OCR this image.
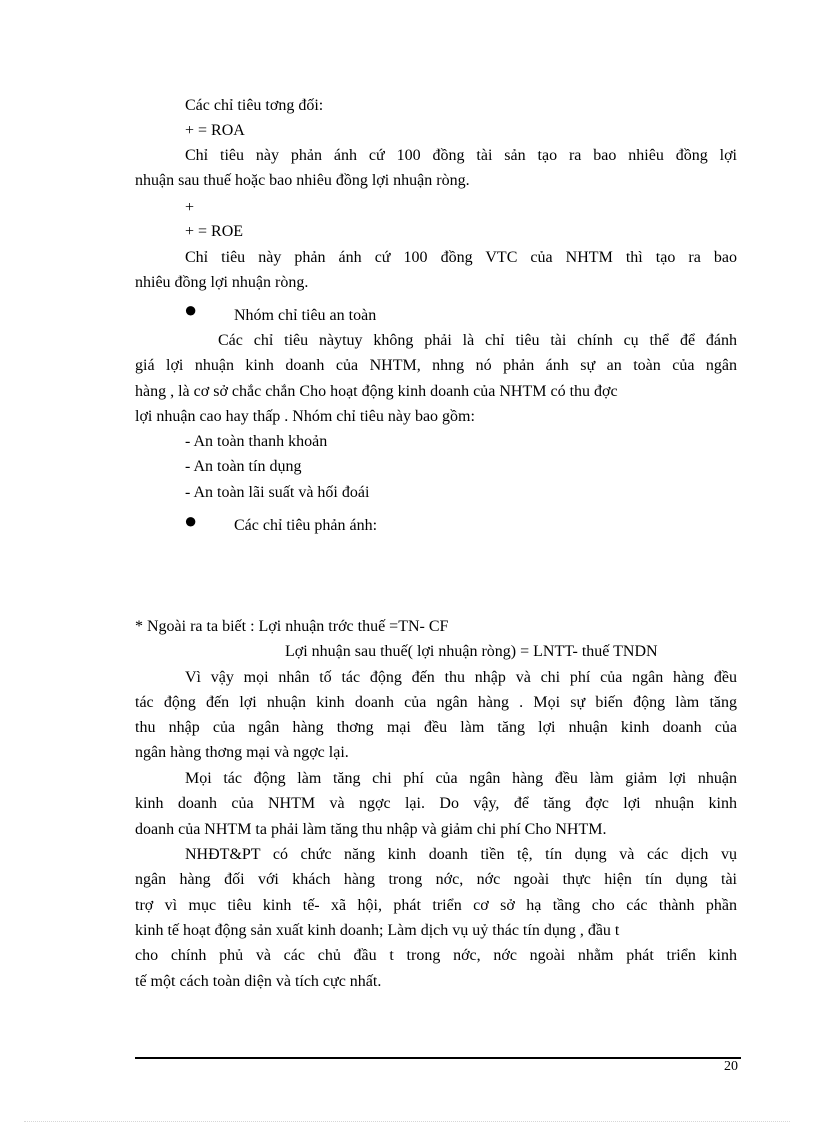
Các chỉ tiêu tơng đối:
+ = ROA
Chỉ tiêu này phản ánh cứ 100 đồng tài sản tạo ra bao nhiêu đồng lợi
nhuận sau thuế hoặc bao nhiêu đồng lợi nhuận ròng.
+
+ = ROE
Chỉ tiêu này phản ánh cứ 100 đồng VTC của NHTM thì tạo ra bao
nhiêu đồng lợi nhuận ròng.
● Nhóm chỉ tiêu an toàn
Các chỉ tiêu nàytuy không phải là chỉ tiêu tài chính cụ thể để đánh
giá lợi nhuận kinh doanh của NHTM, nhng nó phản ánh sự an toàn của ngân
hàng , là cơ sở chắc chắn Cho hoạt động kinh doanh của NHTM có thu đợc
lợi nhuận cao hay thấp . Nhóm chỉ tiêu này bao gồm:
- An toàn thanh khoản
- An toàn tín dụng
- An toàn lãi suất và hối đoái
● Các chỉ tiêu phản ánh:
* Ngoài ra ta biết : Lợi nhuận trớc thuế =TN- CF
Lợi nhuận sau thuế( lợi nhuận ròng) = LNTT- thuế TNDN
Vì vậy mọi nhân tố tác động đến thu nhập và chi phí của ngân hàng đều
tác động đến lợi nhuận kinh doanh của ngân hàng . Mọi sự biến động làm tăng
thu nhập của ngân hàng thơng mại đều làm tăng lợi nhuận kinh doanh của
ngân hàng thơng mại và ngợc lại.
Mọi tác động làm tăng chi phí của ngân hàng đều làm giảm lợi nhuận
kinh doanh của NHTM và ngợc lại. Do vậy, để tăng đợc lợi nhuận kinh
doanh của NHTM ta phải làm tăng thu nhập và giảm chi phí Cho NHTM.
NHĐT&PT có chức năng kinh doanh tiền tệ, tín dụng và các dịch vụ
ngân hàng đối với khách hàng trong nớc, nớc ngoài thực hiện tín dụng tài
trợ vì mục tiêu kinh tế- xã hội, phát triển cơ sở hạ tầng cho các thành phần
kinh tế hoạt động sản xuất kinh doanh; Làm dịch vụ uỷ thác tín dụng , đầu t
cho chính phủ và các chủ đầu t trong nớc, nớc ngoài nhằm phát triển kinh
tế một cách toàn diện và tích cực nhất.
20
